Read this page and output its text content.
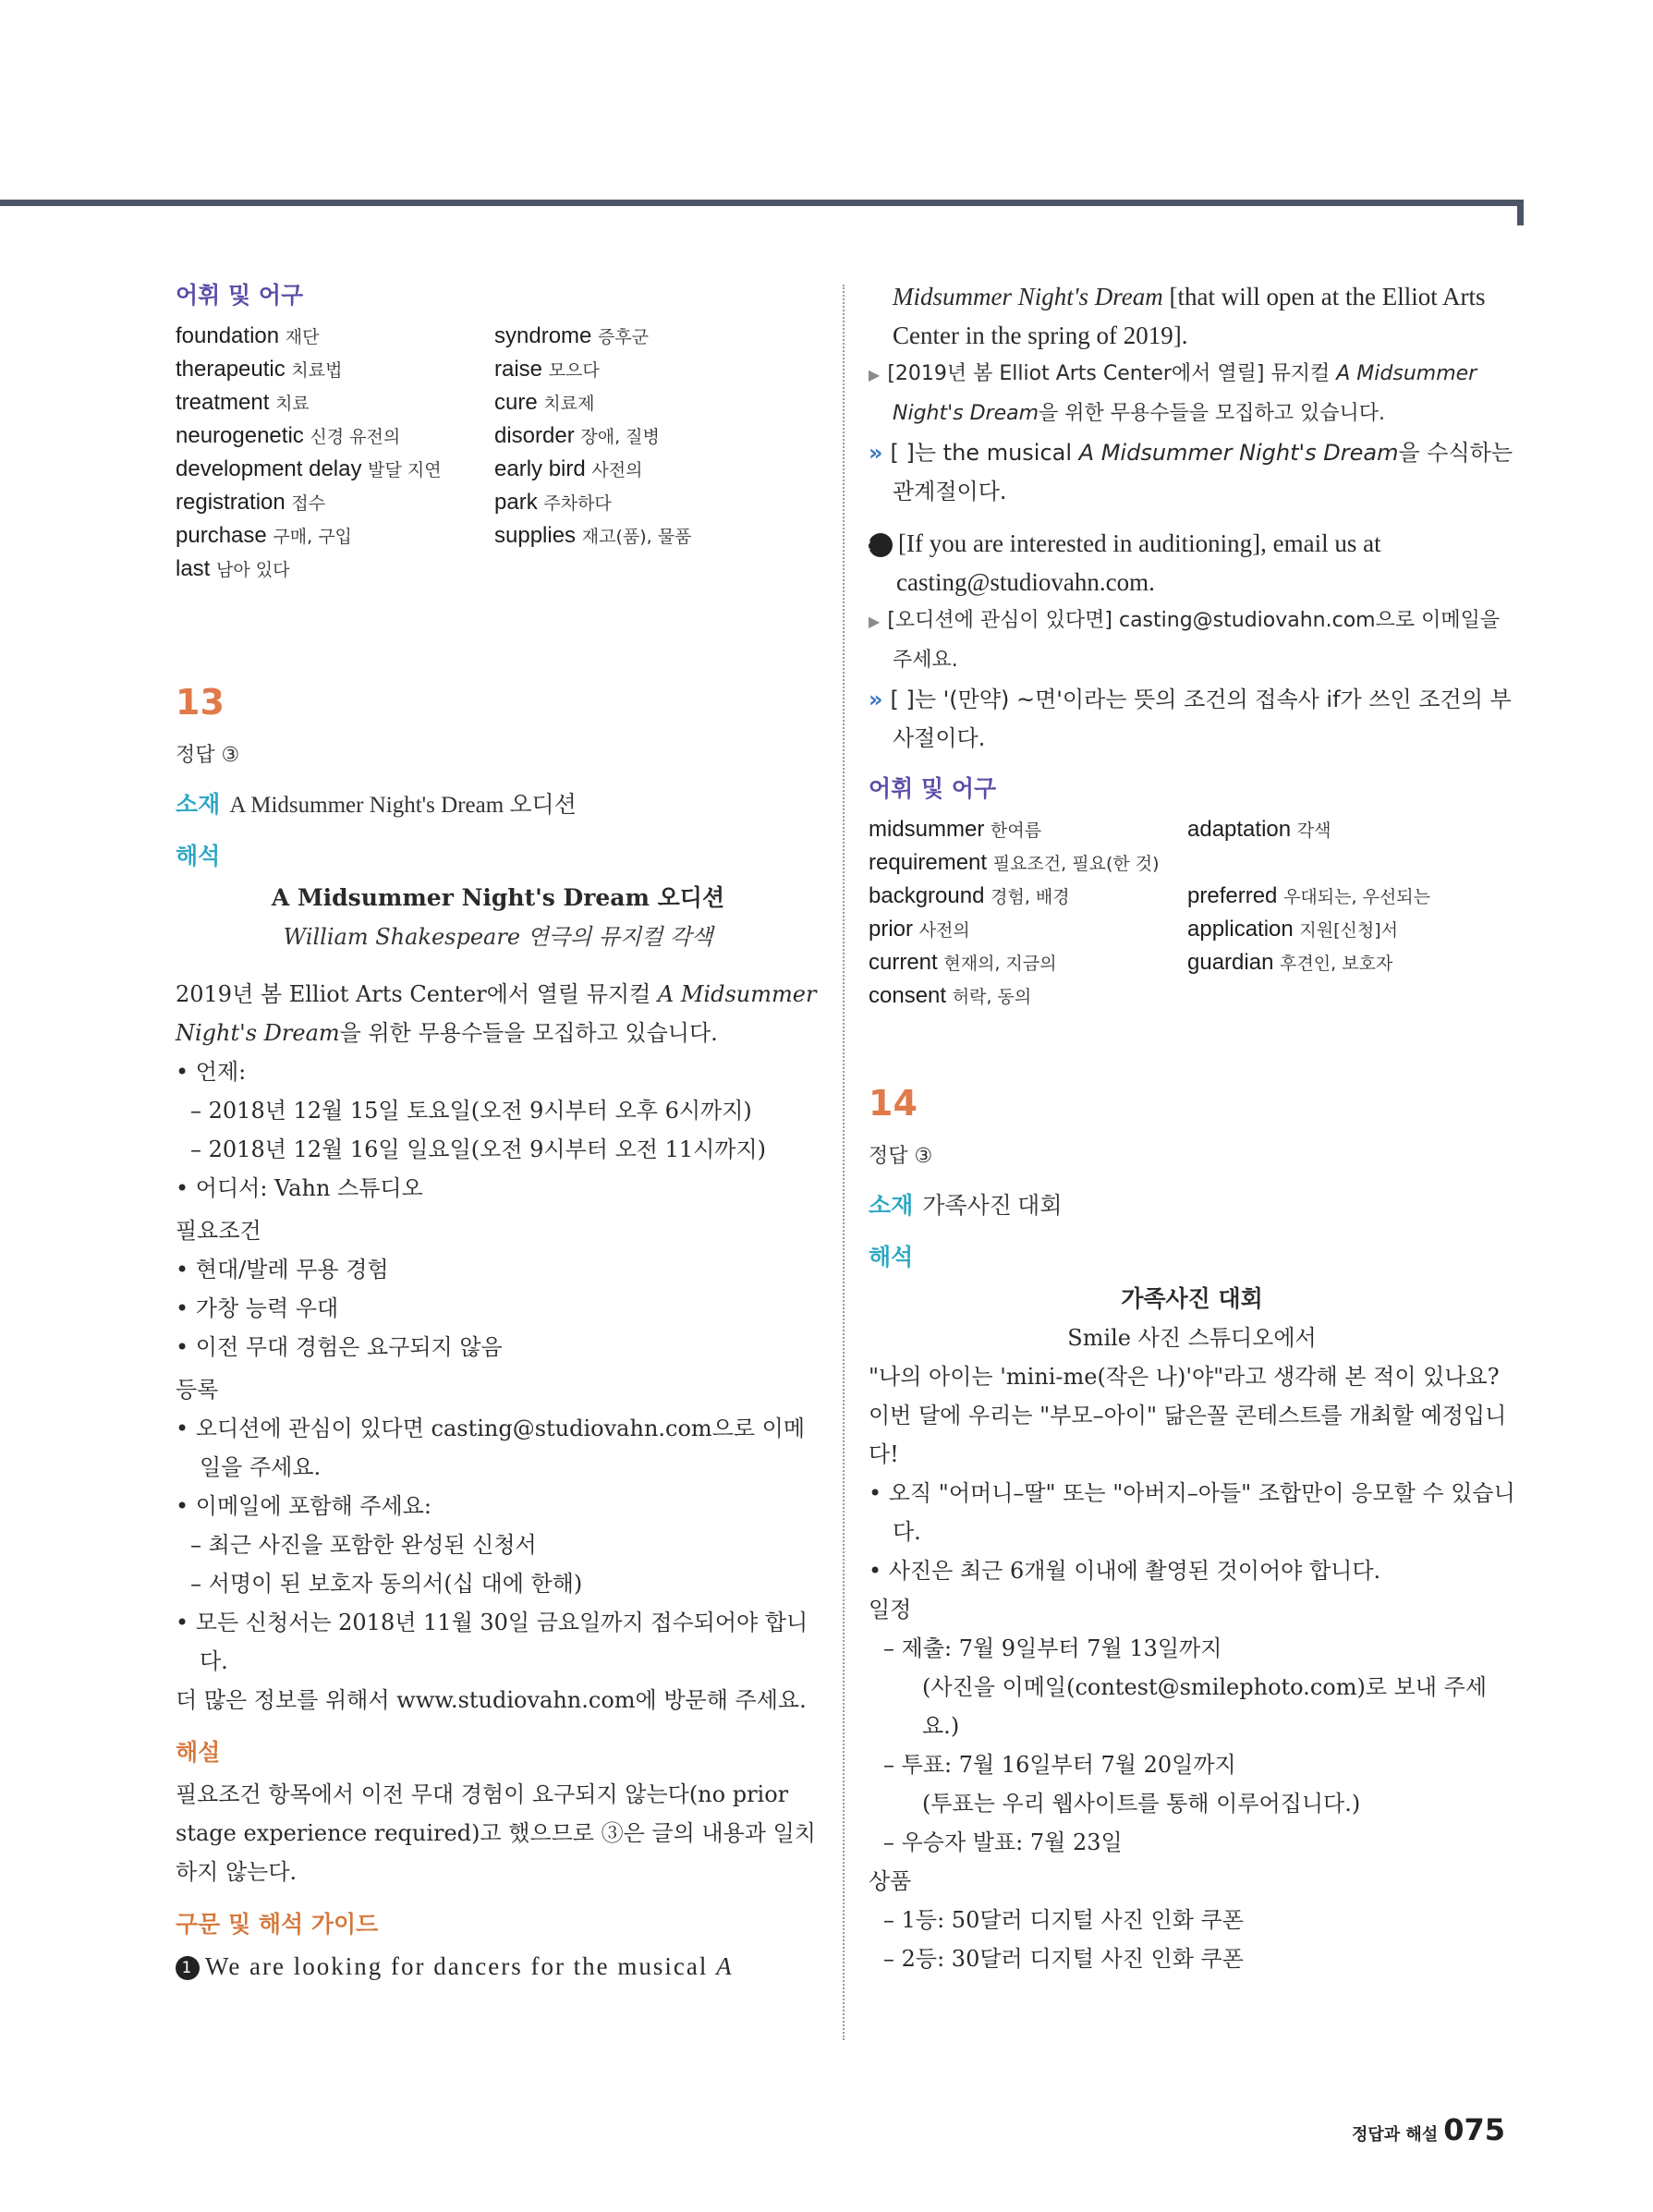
어휘 및 어구
foundation 재단	syndrome 증후군
therapeutic 치료법	raise 모으다
treatment 치료	cure 치료제
neurogenetic 신경 유전의	disorder 장애, 질병
development delay 발달 지연	early bird 사전의
registration 접수	park 주차하다
purchase 구매, 구입	supplies 재고(품), 물품
last 남아 있다
13
정답 ③
소재 A Midsummer Night's Dream 오디션
해석

A Midsummer Night's Dream 오디션

William Shakespeare 연극의 뮤지컬 각색

2019년 봄 Elliot Arts Center에서 열릴 뮤지컬 A Midsummer Night's Dream을 위한 무용수들을 모집하고 있습니다.

• 언제:

– 2018년 12월 15일 토요일(오전 9시부터 오후 6시까지)

– 2018년 12월 16일 일요일(오전 9시부터 오전 11시까지)

• 어디서: Vahn 스튜디오

필요조건

• 현대/발레 무용 경험

• 가창 능력 우대

• 이전 무대 경험은 요구되지 않음

등록

• 오디션에 관심이 있다면 casting@studiovahn.com으로 이메일을 주세요.

• 이메일에 포함해 주세요:

– 최근 사진을 포함한 완성된 신청서

– 서명이 된 보호자 동의서(십 대에 한해)

• 모든 신청서는 2018년 11월 30일 금요일까지 접수되어야 합니다.

더 많은 정보를 위해서 www.studiovahn.com에 방문해 주세요.

해설

필요조건 항목에서 이전 무대 경험이 요구되지 않는다(no prior stage experience required)고 했으므로 ③은 글의 내용과 일치하지 않는다.

구문 및 해석 가이드

1 We are looking for dancers for the musical A

Midsummer Night's Dream [that will open at the Elliot Arts Center in the spring of 2019].

▶ [2019년 봄 Elliot Arts Center에서 열릴] 뮤지컬 A Midsummer Night's Dream을 위한 무용수들을 모집하고 있습니다.

» [ ]는 the musical A Midsummer Night's Dream을 수식하는 관계절이다.

2 [If you are interested in auditioning], email us at casting@studiovahn.com.

▶ [오디션에 관심이 있다면] casting@studiovahn.com으로 이메일을 주세요.

» [ ]는 '(만약) ~면'이라는 뜻의 조건의 접속사 if가 쓰인 조건의 부사절이다.

어휘 및 어구
midsummer 한여름	adaptation 각색
requirement 필요조건, 필요(한 것)
background 경험, 배경	preferred 우대되는, 우선되는
prior 사전의	application 지원[신청]서
current 현재의, 지금의	guardian 후견인, 보호자
consent 허락, 동의
14
정답 ③
소재 가족사진 대회
해석

가족사진 대회

Smile 사진 스튜디오에서

"나의 아이는 'mini-me(작은 나)'야"라고 생각해 본 적이 있나요? 이번 달에 우리는 "부모–아이" 닮은꼴 콘테스트를 개최할 예정입니다!

• 오직 "어머니–딸" 또는 "아버지–아들" 조합만이 응모할 수 있습니다.

• 사진은 최근 6개월 이내에 촬영된 것이어야 합니다.

일정

– 제출: 7월 9일부터 7월 13일까지

(사진을 이메일(contest@smilephoto.com)로 보내 주세요.)

– 투표: 7월 16일부터 7월 20일까지

(투표는 우리 웹사이트를 통해 이루어집니다.)

– 우승자 발표: 7월 23일

상품

– 1등: 50달러 디지털 사진 인화 쿠폰

– 2등: 30달러 디지털 사진 인화 쿠폰

정답과 해설 075
